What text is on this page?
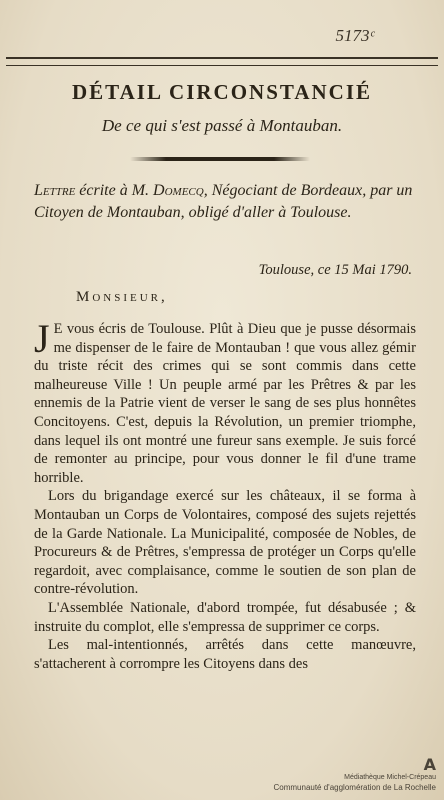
5173ᶜ
DÉTAIL CIRCONSTANCIÉ
De ce qui s'est passé à Montauban.
Lettre écrite à M. Domecq, Négociant de Bordeaux, par un Citoyen de Montauban, obligé d'aller à Toulouse.
Toulouse, ce 15 Mai 1790.
Monsieur,

J E vous écris de Toulouse. Plût à Dieu que je pusse désormais me dispenser de le faire de Montauban ! que vous allez gémir du triste récit des crimes qui se sont commis dans cette malheureuse Ville ! Un peuple armé par les Prêtres & par les ennemis de la Patrie vient de verser le sang de ses plus honnêtes Concitoyens. C'est, depuis la Révolution, un premier triomphe, dans lequel ils ont montré une fureur sans exemple. Je suis forcé de remonter au principe, pour vous donner le fil d'une trame horrible.

Lors du brigandage exercé sur les châteaux, il se forma à Montauban un Corps de Volontaires, composé des sujets rejettés de la Garde Nationale. La Municipalité, composée de Nobles, de Procureurs & de Prêtres, s'empressa de protéger un Corps qu'elle regardoit, avec complaisance, comme le soutien de son plan de contre-révolution.

L'Assemblée Nationale, d'abord trompée, fut désabusée ; & instruite du complot, elle s'empressa de supprimer ce corps.

Les mal-intentionnés, arrêtés dans cette manœuvre, s'attacherent à corrompre les Citoyens dans des

A
Médiathèque Michel-Crépeau
Communauté d'agglomération de La Rochelle
